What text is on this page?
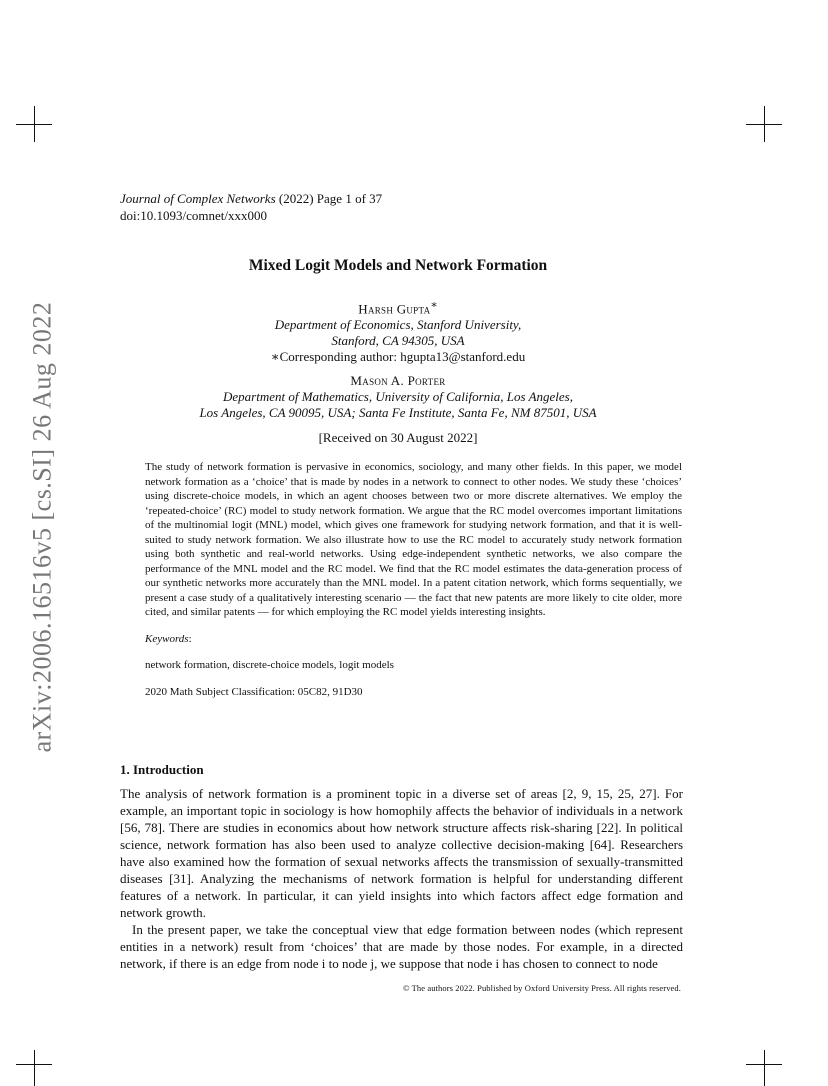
arXiv:2006.16516v5 [cs.SI] 26 Aug 2022
Journal of Complex Networks (2022) Page 1 of 37
doi:10.1093/comnet/xxx000
Mixed Logit Models and Network Formation
Harsh Gupta∗
Department of Economics, Stanford University,
Stanford, CA 94305, USA
∗Corresponding author: hgupta13@stanford.edu
Mason A. Porter
Department of Mathematics, University of California, Los Angeles,
Los Angeles, CA 90095, USA; Santa Fe Institute, Santa Fe, NM 87501, USA
[Received on 30 August 2022]

The study of network formation is pervasive in economics, sociology, and many other fields. In this paper, we model network formation as a ‘choice’ that is made by nodes in a network to connect to other nodes. We study these ‘choices’ using discrete-choice models, in which an agent chooses between two or more discrete alternatives. We employ the ‘repeated-choice’ (RC) model to study network formation. We argue that the RC model overcomes important limitations of the multinomial logit (MNL) model, which gives one framework for studying network formation, and that it is well-suited to study network formation. We also illustrate how to use the RC model to accurately study network formation using both synthetic and real-world networks. Using edge-independent synthetic networks, we also compare the performance of the MNL model and the RC model. We find that the RC model estimates the data-generation process of our synthetic networks more accurately than the MNL model. In a patent citation network, which forms sequentially, we present a case study of a qualitatively interesting scenario — the fact that new patents are more likely to cite older, more cited, and similar patents — for which employing the RC model yields interesting insights.

Keywords:

network formation, discrete-choice models, logit models

2020 Math Subject Classification: 05C82, 91D30

1. Introduction

The analysis of network formation is a prominent topic in a diverse set of areas [2, 9, 15, 25, 27]. For example, an important topic in sociology is how homophily affects the behavior of individuals in a network [56, 78]. There are studies in economics about how network structure affects risk-sharing [22]. In political science, network formation has also been used to analyze collective decision-making [64]. Researchers have also examined how the formation of sexual networks affects the transmission of sexually-transmitted diseases [31]. Analyzing the mechanisms of network formation is helpful for understanding different features of a network. In particular, it can yield insights into which factors affect edge formation and network growth.

In the present paper, we take the conceptual view that edge formation between nodes (which represent entities in a network) result from ‘choices’ that are made by those nodes. For example, in a directed network, if there is an edge from node i to node j, we suppose that node i has chosen to connect to node

© The authors 2022. Published by Oxford University Press. All rights reserved.
